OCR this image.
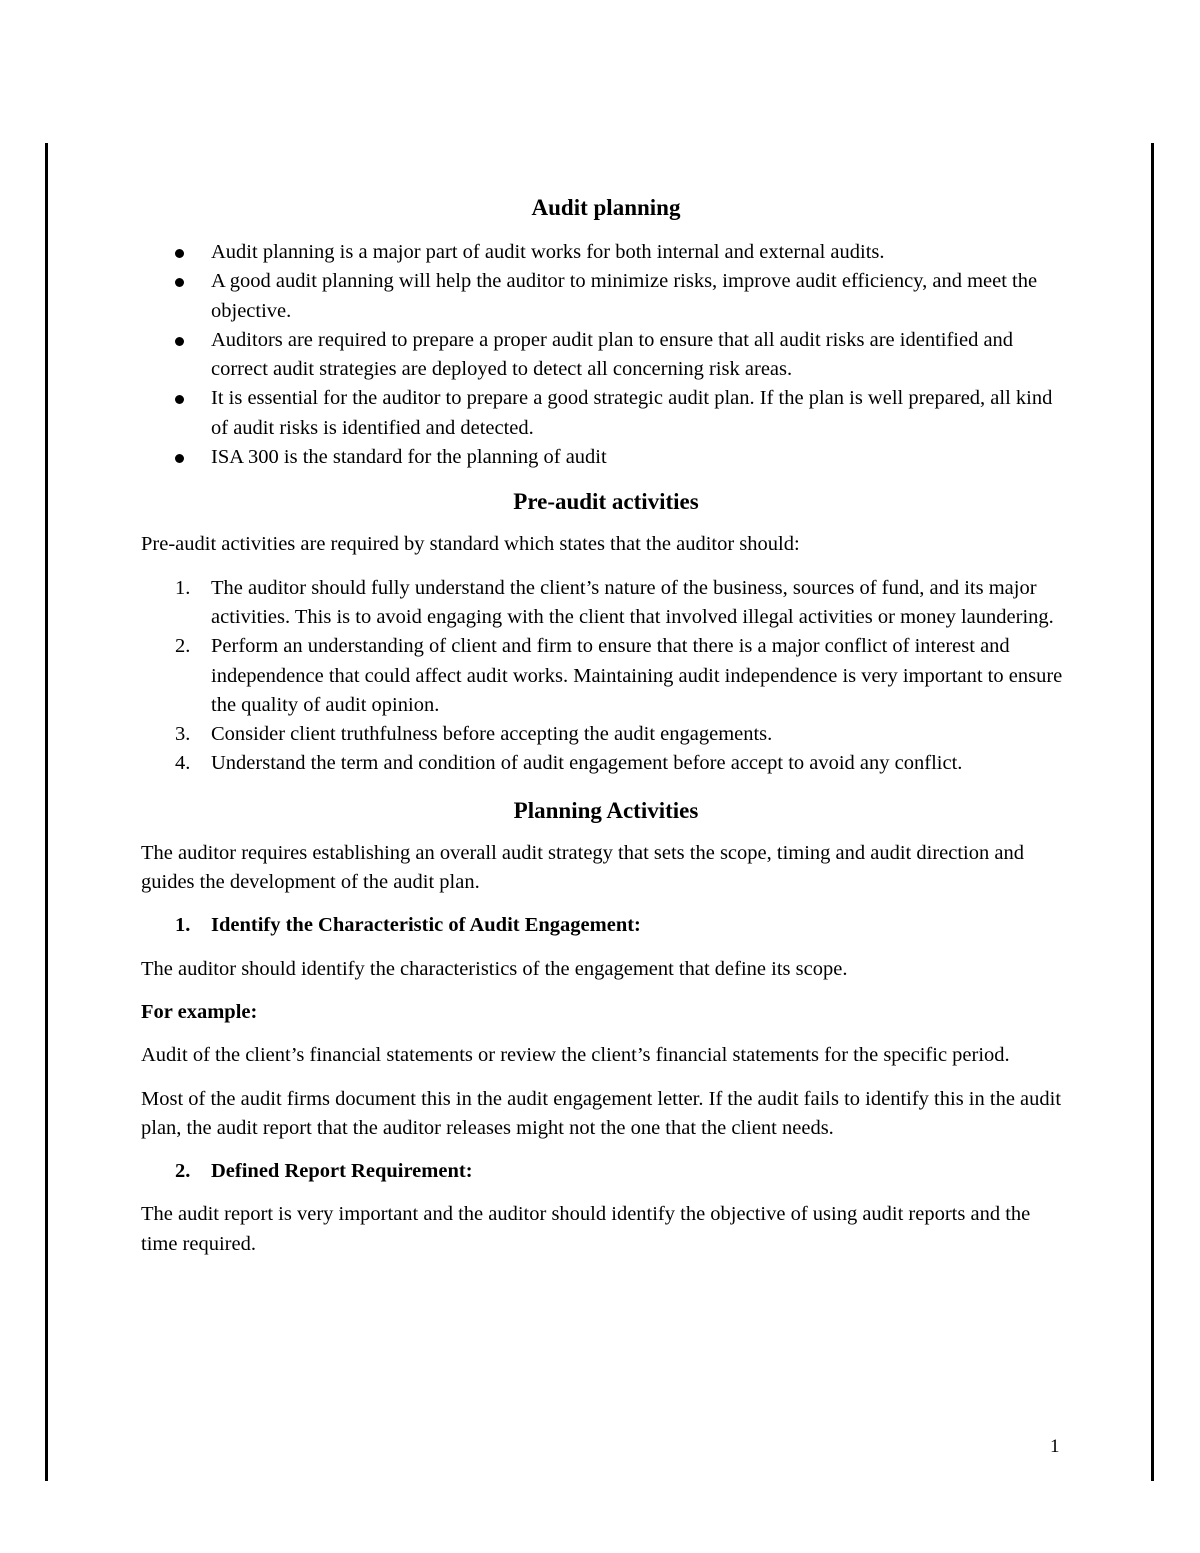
Audit planning
Audit planning is a major part of audit works for both internal and external audits.
A good audit planning will help the auditor to minimize risks, improve audit efficiency, and meet the objective.
Auditors are required to prepare a proper audit plan to ensure that all audit risks are identified and correct audit strategies are deployed to detect all concerning risk areas.
It is essential for the auditor to prepare a good strategic audit plan. If the plan is well prepared, all kind of audit risks is identified and detected.
ISA 300 is the standard for the planning of audit
Pre-audit activities

Pre-audit activities are required by standard which states that the auditor should:

1. The auditor should fully understand the client’s nature of the business, sources of fund, and its major activities. This is to avoid engaging with the client that involved illegal activities or money laundering.
2. Perform an understanding of client and firm to ensure that there is a major conflict of interest and independence that could affect audit works. Maintaining audit independence is very important to ensure the quality of audit opinion.
3. Consider client truthfulness before accepting the audit engagements.
4. Understand the term and condition of audit engagement before accept to avoid any conflict.
Planning Activities

The auditor requires establishing an overall audit strategy that sets the scope, timing and audit direction and guides the development of the audit plan.

1. Identify the Characteristic of Audit Engagement:

The auditor should identify the characteristics of the engagement that define its scope.

For example:

Audit of the client’s financial statements or review the client’s financial statements for the specific period.

Most of the audit firms document this in the audit engagement letter. If the audit fails to identify this in the audit plan, the audit report that the auditor releases might not the one that the client needs.

2. Defined Report Requirement:

The audit report is very important and the auditor should identify the objective of using audit reports and the time required.

1
